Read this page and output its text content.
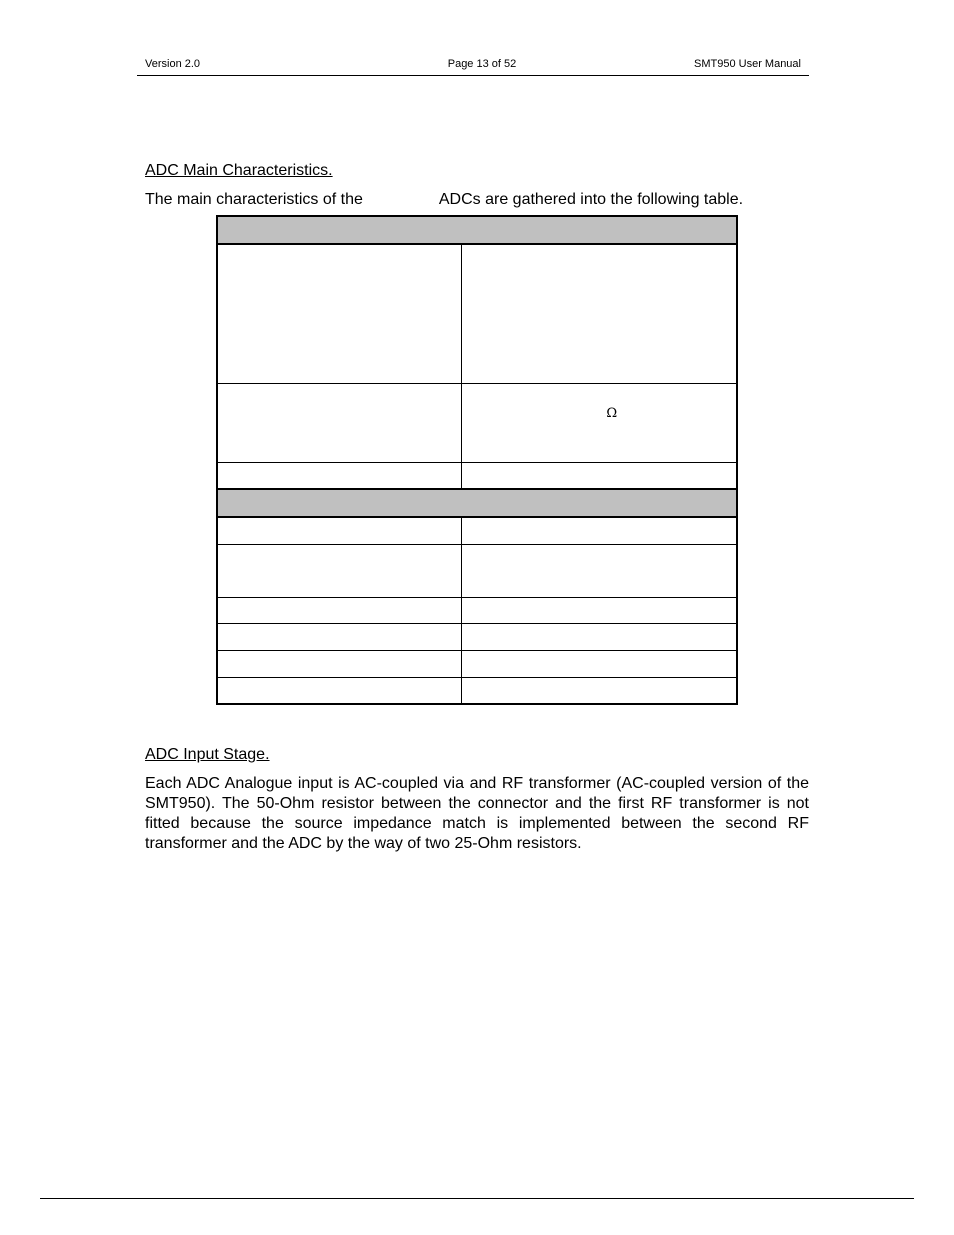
Version 2.0	Page 13 of 52	SMT950 User Manual
ADC Main Characteristics.
The main characteristics of the	ADCs are gathered into the following table.

	Ω

ADC Input Stage.

Each ADC Analogue input is AC-coupled via and RF transformer (AC-coupled version of the SMT950). The 50-Ohm resistor between the connector and the first RF transformer is not fitted because the source impedance match is implemented between the second RF transformer and the ADC by the way of two 25-Ohm resistors.
